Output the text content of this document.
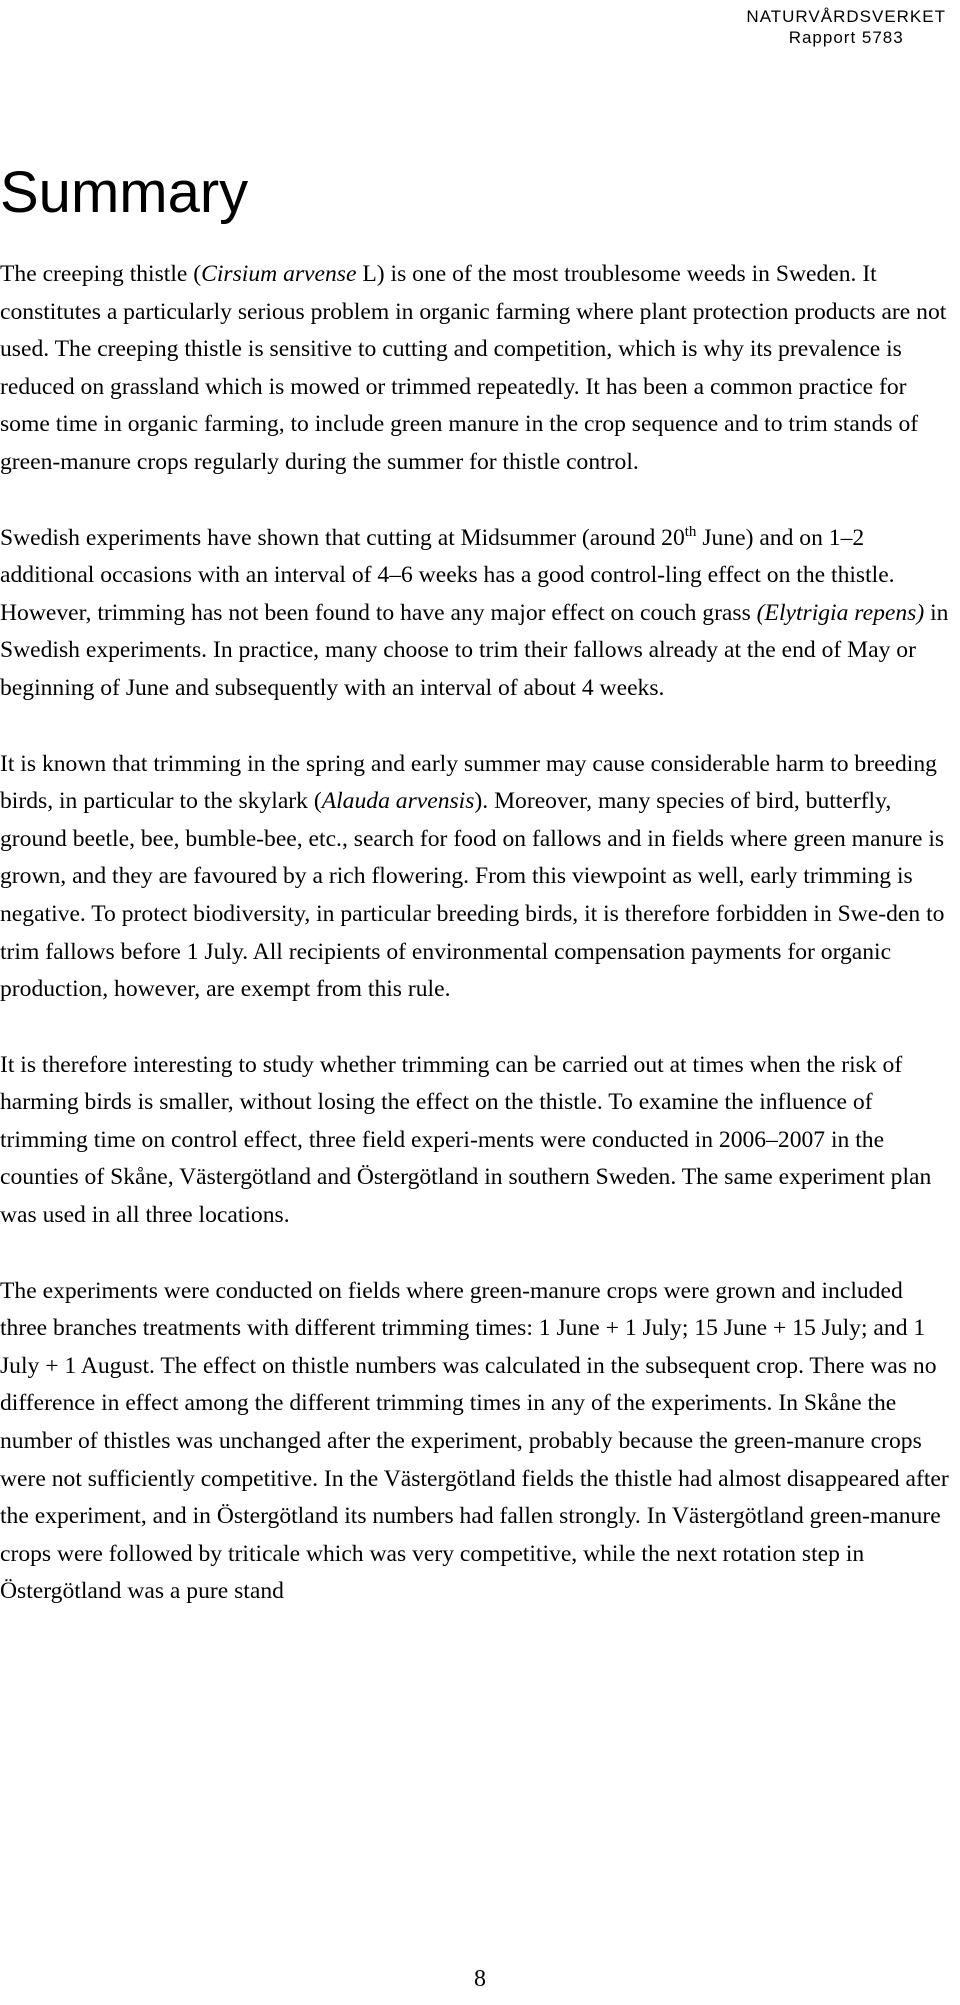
NATURVÅRDSVERKET
Rapport 5783
Summary

The creeping thistle (Cirsium arvense L) is one of the most troublesome weeds in Sweden. It constitutes a particularly serious problem in organic farming where plant protection products are not used. The creeping thistle is sensitive to cutting and competition, which is why its prevalence is reduced on grassland which is mowed or trimmed repeatedly. It has been a common practice for some time in organic farming, to include green manure in the crop sequence and to trim stands of green-manure crops regularly during the summer for thistle control.

Swedish experiments have shown that cutting at Midsummer (around 20th June) and on 1–2 additional occasions with an interval of 4–6 weeks has a good control-ling effect on the thistle. However, trimming has not been found to have any major effect on couch grass (Elytrigia repens) in Swedish experiments. In practice, many choose to trim their fallows already at the end of May or beginning of June and subsequently with an interval of about 4 weeks.

It is known that trimming in the spring and early summer may cause considerable harm to breeding birds, in particular to the skylark (Alauda arvensis). Moreover, many species of bird, butterfly, ground beetle, bee, bumble-bee, etc., search for food on fallows and in fields where green manure is grown, and they are favoured by a rich flowering. From this viewpoint as well, early trimming is negative. To protect biodiversity, in particular breeding birds, it is therefore forbidden in Swe-den to trim fallows before 1 July. All recipients of environmental compensation payments for organic production, however, are exempt from this rule.

It is therefore interesting to study whether trimming can be carried out at times when the risk of harming birds is smaller, without losing the effect on the thistle. To examine the influence of trimming time on control effect, three field experi-ments were conducted in 2006–2007 in the counties of Skåne, Västergötland and Östergötland in southern Sweden. The same experiment plan was used in all three locations.

The experiments were conducted on fields where green-manure crops were grown and included three branches treatments with different trimming times: 1 June + 1 July; 15 June + 15 July; and 1 July + 1 August. The effect on thistle numbers was calculated in the subsequent crop. There was no difference in effect among the different trimming times in any of the experiments. In Skåne the number of thistles was unchanged after the experiment, probably because the green-manure crops were not sufficiently competitive. In the Västergötland fields the thistle had almost disappeared after the experiment, and in Östergötland its numbers had fallen strongly. In Västergötland green-manure crops were followed by triticale which was very competitive, while the next rotation step in Östergötland was a pure stand

8
